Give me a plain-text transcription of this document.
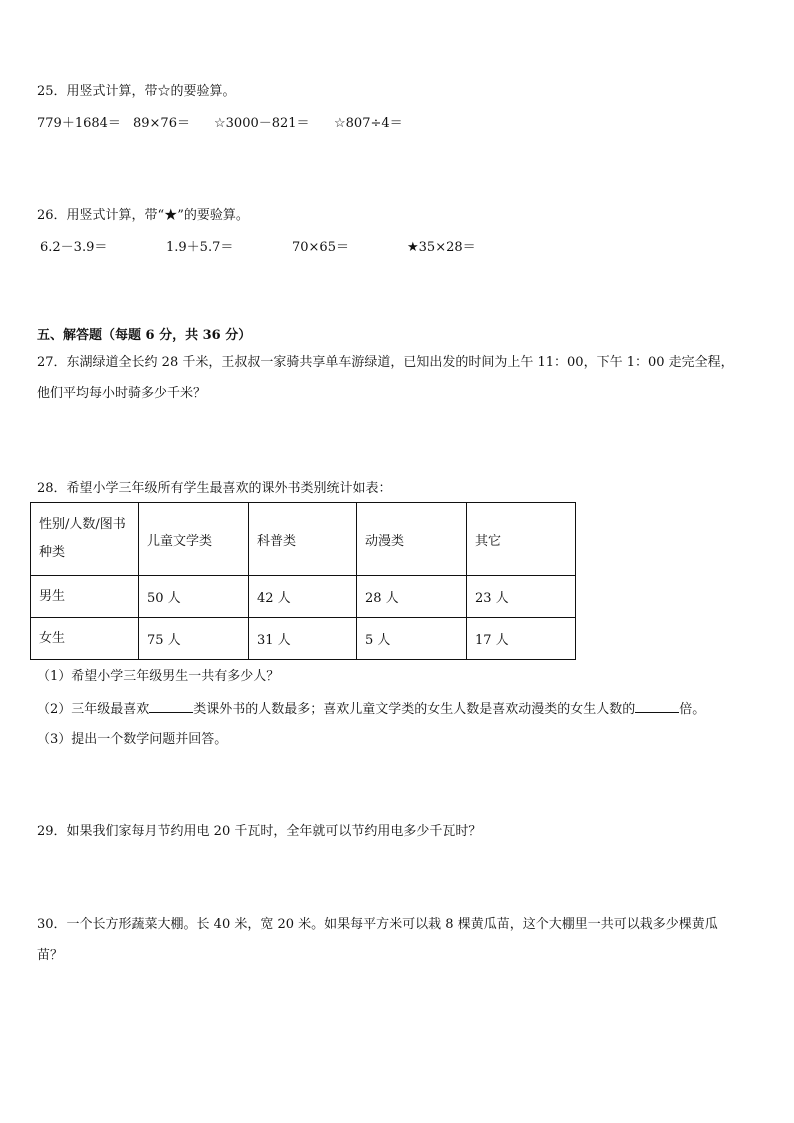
25．用竖式计算，带☆的要验算。
779＋1684＝ 89×76＝ ☆3000－821＝ ☆807÷4＝
26．用竖式计算，带“★”的要验算。
6.2－3.9＝	1.9＋5.7＝	70×65＝	★35×28＝
五、解答题（每题 6 分，共 36 分）
27．东湖绿道全长约 28 千米，王叔叔一家骑共享单车游绿道，已知出发的时间为上午 11：00，下午 1：00 走完全程，
他们平均每小时骑多少千米？
28．希望小学三年级所有学生最喜欢的课外书类别统计如表：
性别/人数/图书
种类	儿童文学类	科普类	动漫类	其它
男生	50 人	42 人	28 人	23 人
女生	75 人	31 人	5 人	17 人
（1）希望小学三年级男生一共有多少人？
（2）三年级最喜欢	类课外书的人数最多；喜欢儿童文学类的女生人数是喜欢动漫类的女生人数的	倍。
（3）提出一个数学问题并回答。
29．如果我们家每月节约用电 20 千瓦时，全年就可以节约用电多少千瓦时？
30．一个长方形蔬菜大棚。长 40 米，宽 20 米。如果每平方米可以栽 8 棵黄瓜苗，这个大棚里一共可以栽多少棵黄瓜
苗？
